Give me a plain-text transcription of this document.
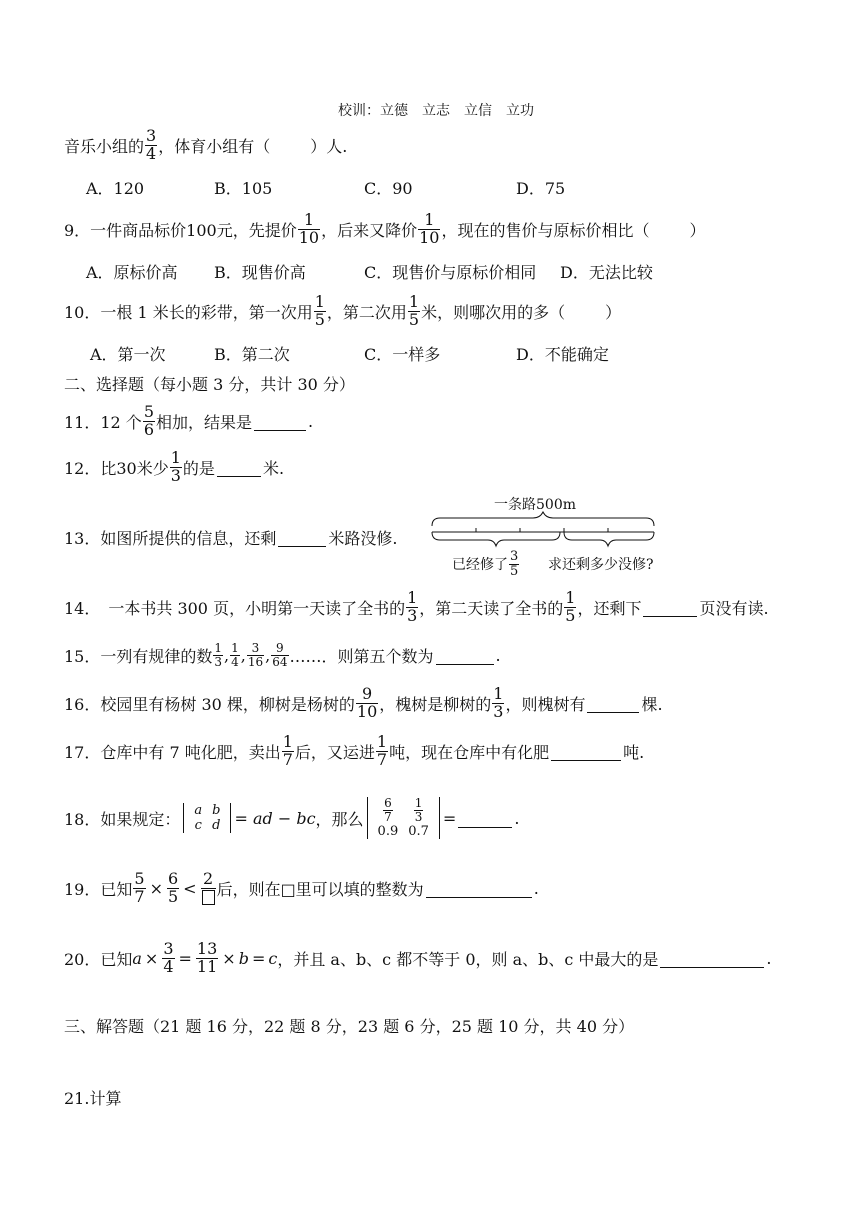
校训：立德　立志　立信　立功
音乐小组的 $\frac{3}{4}$ ，体育小组有（	）人.
A．120	B．105	C．90	D．75
9．一件商品标价100元，先提价 $\frac{1}{10}$ ，后来又降价 $\frac{1}{10}$ ，现在的售价与原标价相比（	）
A．原标价高 B．现售价高	C．现售价与原标价相同 D．无法比较
10．一根 1 米长的彩带，第一次用 $\frac{1}{5}$ ，第二次用 $\frac{1}{5}$ 米，则哪次用的多（	）
A．第一次	B．第二次	C．一样多	D．不能确定
二、选择题（每小题 3 分，共计 30 分）
11．12 个 $\frac{5}{6}$ 相加，结果是	.
12．比30米少 $\frac{1}{3}$ 的是	米.
13．如图所提供的信息，还剩	米路没修.
一条路500m
已经修了 $\frac{3}{5}$ 求还剩多少没修?
14．　一本书共 300 页，小明第一天读了全书的 $\frac{1}{3}$ ，第二天读了全书的 $\frac{1}{5}$ ，还剩下	页没有读.
15．一列有规律的数 $\frac{1}{3}$ , $\frac{1}{4}$ , $\frac{3}{16}$ , $\frac{9}{64}$ ……．则第五个数为	.
16．校园里有杨树 30 棵，柳树是杨树的 $\frac{9}{10}$ ，槐树是柳树的 $\frac{1}{3}$ ，则槐树有	棵.
17．仓库中有 7 吨化肥，卖出 $\frac{1}{7}$ 后，又运进 $\frac{1}{7}$ 吨，现在仓库中有化肥	吨.
18．如果规定： a	b
c	d = ad − bc ，那么 $\frac{6}{7}$	$\frac{1}{3}$

0.9	0.7
=	.
19．已知 $\frac{5}{7} \times \frac{6}{5}$ <
2
后，则在□里可以填的整数为	.
20．已知 $a \times \frac{3}{4} = \frac{13}{11} \times b = c$ ，并且 a、b、c 都不等于 0，则 a、b、c 中最大的是	.
三、解答题（21 题 16 分，22 题 8 分，23 题 6 分，25 题 10 分，共 40 分）
21.计算
